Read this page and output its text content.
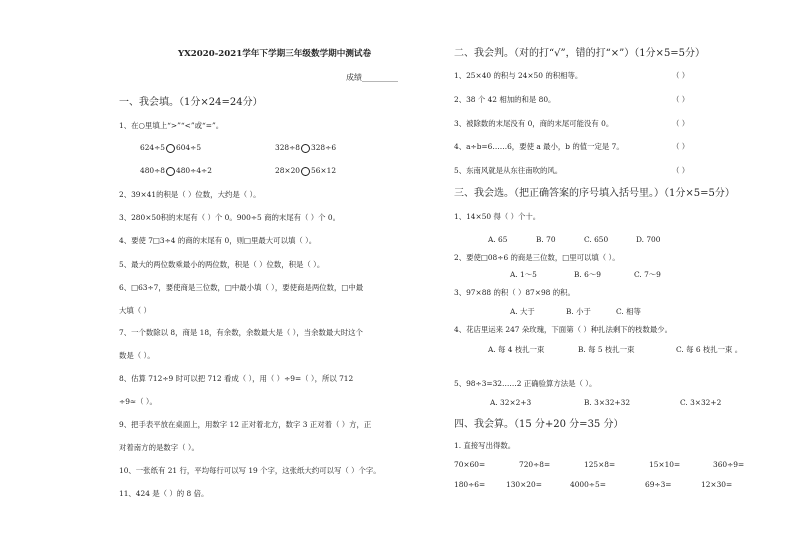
YX2020-2021学年下学期三年级数学期中测试卷
成绩_________
一、我会填。（1分×24=24分）
1、在○里填上“>”“<”或“=”。
624÷5 604÷5	328÷8 328÷6
480÷8 480÷4÷2	28×20 56×12
2、39×41的积是（ ）位数，大约是（ ）。
3、280×50积的末尾有（ ）个 0。900÷5 商的末尾有（ ）个 0。
4、要使 7□3÷4 的商的末尾有 0，则□里最大可以填（ ）。
5、最大的两位数乘最小的两位数，积是（ ）位数，积是（ ）。
6、□63÷7，要使商是三位数，□中最小填（ ），要使商是两位数，□中最
大填（ ）
7、一个数除以 8，商是 18，有余数，余数最大是（ ），当余数最大时这个
数是（ ）。
8、估算 712÷9 时可以把 712 看成（ ），用（ ）÷9=（ ），所以 712
÷9≈（ ）。
9、把手表平放在桌面上，用数字 12 正对着北方，数字 3 正对着（ ）方，正
对着南方的是数字（ ）。
10、一张纸有 21 行，平均每行可以写 19 个字，这张纸大约可以写（ ）个字。
11、424 是（ ）的 8 倍。
二、我会判。（对的打“√”，错的打“×”）（1分×5=5分）
1、25×40 的积与 24×50 的积相等。	（ ）
2、38 个 42 相加的和是 80。	（ ）
3、被除数的末尾没有 0，商的末尾可能没有 0。	（ ）
4、a÷b=6……6，要使 a 最小，b 的值一定是 7。	（ ）
5、东南风就是从东往南吹的风。	（ ）
三、我会选。（把正确答案的序号填入括号里。）（1分×5=5分）
1、14×50 得（ ）个十。
A. 65	B. 70	C. 650	D. 700
2、要使□08÷6 的商是三位数，□里可以填（ ）。
A. 1～5	B. 6～9	C. 7～9
3、97×88 的积（ ）87×98 的积。
A. 大于	B. 小于	C. 相等
4、花店里运来 247 朵玫瑰，下面第（ ）种扎法剩下的枝数最少。
A. 每 4 枝扎一束	B. 每 5 枝扎一束	C. 每 6 枝扎一束 。
5、98÷3=32……2 正确验算方法是（ ）。
A. 32×2+3	B. 3×32+32	C. 3×32+2
四、我会算。（15 分+20 分=35 分）
1. 直接写出得数。
70×60=	720÷8=	125×8=	15×10=	360÷9=
180÷6=	130×20=	4000÷5=	69÷3=	12×30=
